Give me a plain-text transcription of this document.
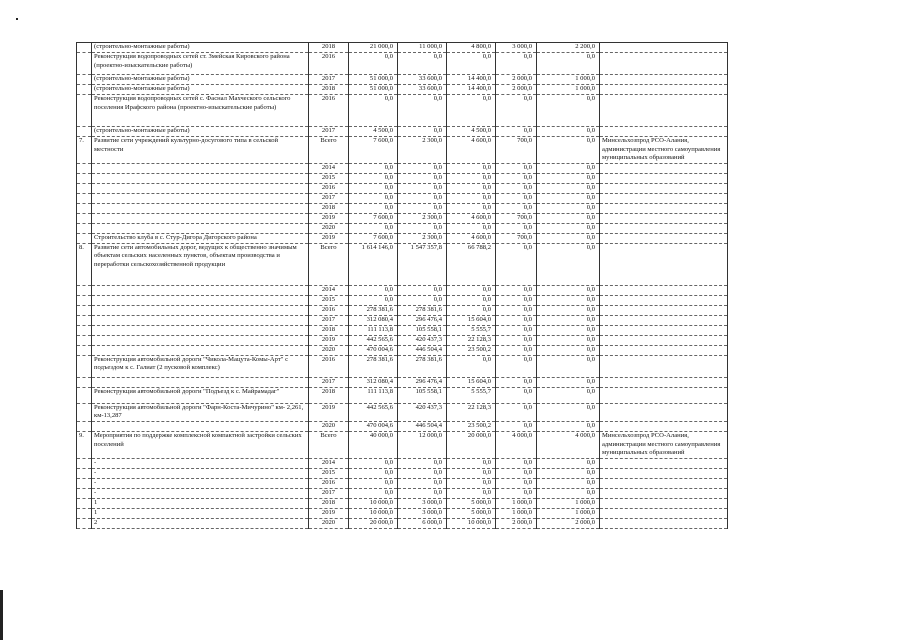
	(строительно-монтажные работы)	2018	21 000,0	11 000,0	4 800,0	3 000,0	2 200,0	
	Реконструкция водопроводных сетей ст. Змейская Кировского района (проектно-изыскательские работы)	2016	0,0	0,0	0,0	0,0	0,0	
	(строительно-монтажные работы)	2017	51 000,0	33 600,0	14 400,0	2 000,0	1 000,0	
	(строительно-монтажные работы)	2018	51 000,0	33 600,0	14 400,0	2 000,0	1 000,0	
	Реконструкция водопроводных сетей с. Фаснал Махческого сельского поселения Ирафского района (проектно-изыскательские работы)	2016	0,0	0,0	0,0	0,0	0,0	
	(строительно-монтажные работы)	2017	4 500,0	0,0	4 500,0	0,0	0,0	
7.	Развитие сети учреждений культурно-досугового типа в сельской местности	Всего	7 600,0	2 300,0	4 600,0	700,0	0,0	Минсельхозпрод РСО-Алания, администрации местного самоуправления муниципальных образований
		2014	0,0	0,0	0,0	0,0	0,0	
		2015	0,0	0,0	0,0	0,0	0,0	
		2016	0,0	0,0	0,0	0,0	0,0	
		2017	0,0	0,0	0,0	0,0	0,0	
		2018	0,0	0,0	0,0	0,0	0,0	
		2019	7 600,0	2 300,0	4 600,0	700,0	0,0	
		2020	0,0	0,0	0,0	0,0	0,0	
	Строительство клуба в с. Стур-Дигора Дигорского района	2019	7 600,0	2 300,0	4 600,0	700,0	0,0	
8.	Развитие сети автомобильных дорог, ведущих к общественно значимым объектам сельских населенных пунктов, объектам производства и переработки сельскохозяйственной продукции	Всего	1 614 146,0	1 547 357,8	66 788,2	0,0	0,0	
		2014	0,0	0,0	0,0	0,0	0,0	
		2015	0,0	0,0	0,0	0,0	0,0	
		2016	278 381,6	278 381,6	0,0	0,0	0,0	
		2017	312 080,4	296 476,4	15 604,0	0,0	0,0	
		2018	111 113,8	105 558,1	5 555,7	0,0	0,0	
		2019	442 565,6	420 437,3	22 128,3	0,0	0,0	
		2020	470 004,6	446 504,4	23 500,2	0,0	0,0	
	Реконструкция автомобильной дороги "Чикола-Мацута-Комы-Арт" с подъездом к с. Галиат (2 пусковой комплекс)	2016	278 381,6	278 381,6	0,0	0,0	0,0	
		2017	312 080,4	296 476,4	15 604,0	0,0	0,0	
	Реконструкция автомобильной дороги "Подъезд к с. Майрамадаг"	2018	111 113,8	105 558,1	5 555,7	0,0	0,0	
	Реконструкция автомобильной дороги "Фарн-Коста-Мичурино" км- 2,261, км-13,287	2019	442 565,6	420 437,3	22 128,3	0,0	0,0	
		2020	470 004,6	446 504,4	23 500,2	0,0	0,0	
9.	Мероприятия по поддержке комплексной компактной застройки сельских поселений	Всего	40 000,0	12 000,0	20 000,0	4 000,0	4 000,0	Минсельхозпрод РСО-Алания, администрации местного самоуправления муниципальных образований
	-	2014	0,0	0,0	0,0	0,0	0,0	
	-	2015	0,0	0,0	0,0	0,0	0,0	
	-	2016	0,0	0,0	0,0	0,0	0,0	
	-	2017	0,0	0,0	0,0	0,0	0,0	
	1	2018	10 000,0	3 000,0	5 000,0	1 000,0	1 000,0	
	1	2019	10 000,0	3 000,0	5 000,0	1 000,0	1 000,0	
	2	2020	20 000,0	6 000,0	10 000,0	2 000,0	2 000,0	
